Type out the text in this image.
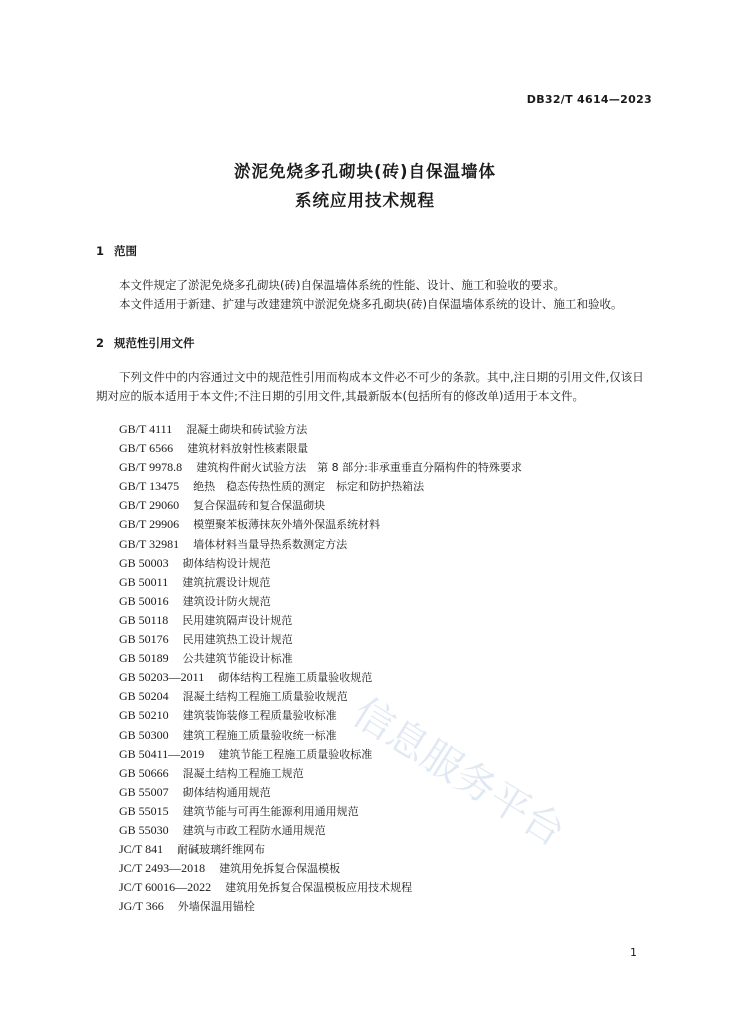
DB32/T 4614—2023
淤泥免烧多孔砌块(砖)自保温墙体
系统应用技术规程
1 范围

本文件规定了淤泥免烧多孔砌块(砖)自保温墙体系统的性能、设计、施工和验收的要求。

本文件适用于新建、扩建与改建建筑中淤泥免烧多孔砌块(砖)自保温墙体系统的设计、施工和验收。

2 规范性引用文件

下列文件中的内容通过文中的规范性引用而构成本文件必不可少的条款。其中,注日期的引用文件,仅该日期对应的版本适用于本文件;不注日期的引用文件,其最新版本(包括所有的修改单)适用于本文件。

GB/T 4111 混凝土砌块和砖试验方法
GB/T 6566 建筑材料放射性核素限量
GB/T 9978.8 建筑构件耐火试验方法　第 8 部分:非承重垂直分隔构件的特殊要求
GB/T 13475 绝热　稳态传热性质的测定　标定和防护热箱法
GB/T 29060 复合保温砖和复合保温砌块
GB/T 29906 模塑聚苯板薄抹灰外墙外保温系统材料
GB/T 32981 墙体材料当量导热系数测定方法
GB 50003 砌体结构设计规范
GB 50011 建筑抗震设计规范
GB 50016 建筑设计防火规范
GB 50118 民用建筑隔声设计规范
GB 50176 民用建筑热工设计规范
GB 50189 公共建筑节能设计标准
GB 50203—2011 砌体结构工程施工质量验收规范
GB 50204 混凝土结构工程施工质量验收规范
GB 50210 建筑装饰装修工程质量验收标准
GB 50300 建筑工程施工质量验收统一标准
GB 50411—2019 建筑节能工程施工质量验收标准
GB 50666 混凝土结构工程施工规范
GB 55007 砌体结构通用规范
GB 55015 建筑节能与可再生能源利用通用规范
GB 55030 建筑与市政工程防水通用规范
JC/T 841 耐碱玻璃纤维网布
JC/T 2493—2018 建筑用免拆复合保温模板
JC/T 60016—2022 建筑用免拆复合保温模板应用技术规程
JG/T 366 外墙保温用锚栓
信息服务平台
1
